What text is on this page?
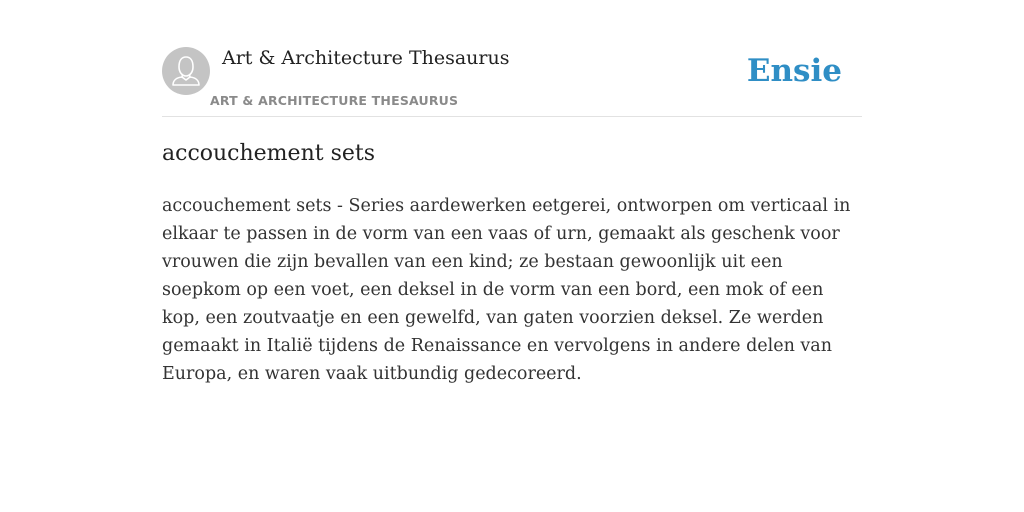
Art & Architecture Thesaurus
ART & ARCHITECTURE THESAURUS
Ensie
accouchement sets

accouchement sets - Series aardewerken eetgerei, ontworpen om verticaal in elkaar te passen in de vorm van een vaas of urn, gemaakt als geschenk voor vrouwen die zijn bevallen van een kind; ze bestaan gewoonlijk uit een soepkom op een voet, een deksel in de vorm van een bord, een mok of een kop, een zoutvaatje en een gewelfd, van gaten voorzien deksel. Ze werden gemaakt in Italië tijdens de Renaissance en vervolgens in andere delen van Europa, en waren vaak uitbundig gedecoreerd.
